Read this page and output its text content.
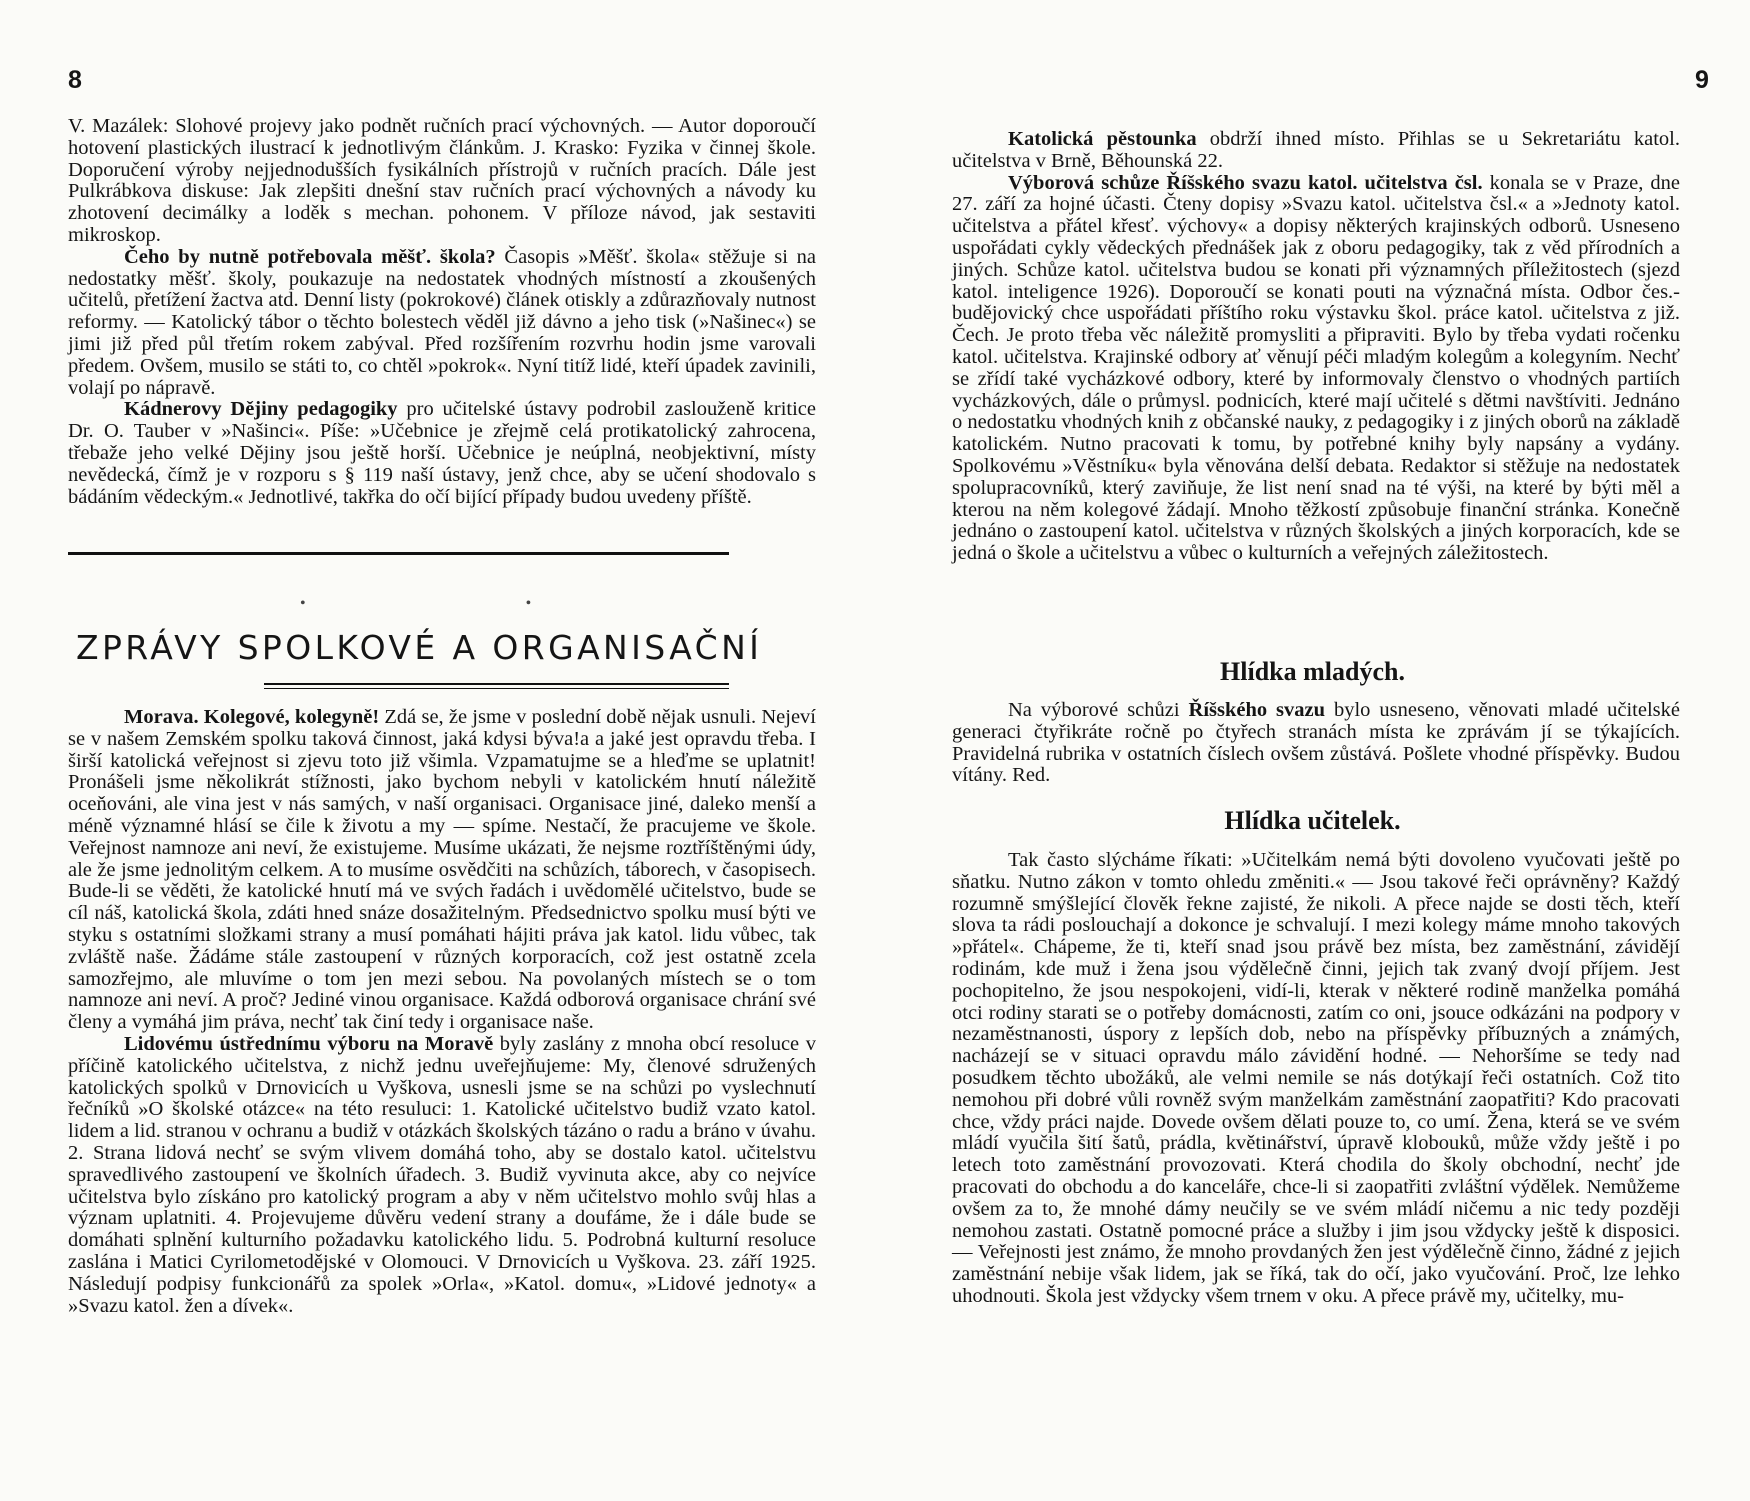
8

V. Mazálek: Slohové projevy jako podnět ručních prací výchovných. — Autor doporoučí hotovení plastických ilustrací k jednotlivým článkům. J. Krasko: Fyzika v činnej škole. Doporučení výroby nejjednodušších fysikálních přístrojů v ručních pracích. Dále jest Pulkrábkova diskuse: Jak zlepšiti dnešní stav ručních prací výchovných a návody ku zhotovení decimálky a loděk s mechan. pohonem. V příloze návod, jak sestaviti mikroskop.

Čeho by nutně potřebovala měšť. škola? Časopis »Měšť. škola« stěžuje si na nedostatky měšť. školy, poukazuje na nedostatek vhodných místností a zkoušených učitelů, přetížení žactva atd. Denní listy (pokrokové) článek otiskly a zdůrazňovaly nutnost reformy. — Katolický tábor o těchto bolestech věděl již dávno a jeho tisk (»Našinec«) se jimi již před půl třetím rokem zabýval. Před rozšířením rozvrhu hodin jsme varovali předem. Ovšem, musilo se státi to, co chtěl »pokrok«. Nyní titíž lidé, kteří úpadek zavinili, volají po nápravě.

Kádnerovy Dějiny pedagogiky pro učitelské ústavy podrobil zaslouženě kritice Dr. O. Tauber v »Našinci«. Píše: »Učebnice je zřejmě celá protikatolický zahrocena, třebaže jeho velké Dějiny jsou ještě horší. Učebnice je neúplná, neobjektivní, místy nevědecká, čímž je v rozporu s § 119 naší ústavy, jenž chce, aby se učení shodovalo s bádáním vědeckým.« Jednotlivé, takřka do očí bijící případy budou uvedeny příště.

•	•
ZPRÁVY SPOLKOVÉ A ORGANISAČNÍ

Morava. Kolegové, kolegyně! Zdá se, že jsme v poslední době nějak usnuli. Nejeví se v našem Zemském spolku taková činnost, jaká kdysi býva!a a jaké jest opravdu třeba. I širší katolická veřejnost si zjevu toto již všimla. Vzpamatujme se a hleďme se uplatnit! Pronášeli jsme několikrát stížnosti, jako bychom nebyli v katolickém hnutí náležitě oceňováni, ale vina jest v nás samých, v naší organisaci. Organisace jiné, daleko menší a méně významné hlásí se čile k životu a my — spíme. Nestačí, že pracujeme ve škole. Veřejnost namnoze ani neví, že existujeme. Musíme ukázati, že nejsme roztříštěnými údy, ale že jsme jednolitým celkem. A to musíme osvědčiti na schůzích, táborech, v časopisech. Bude-li se věděti, že katolické hnutí má ve svých řadách i uvědomělé učitelstvo, bude se cíl náš, katolická škola, zdáti hned snáze dosažitelným. Předsednictvo spolku musí býti ve styku s ostatními složkami strany a musí pomáhati hájiti práva jak katol. lidu vůbec, tak zvláště naše. Žádáme stále zastoupení v různých korporacích, což jest ostatně zcela samozřejmo, ale mluvíme o tom jen mezi sebou. Na povolaných místech se o tom namnoze ani neví. A proč? Jediné vinou organisace. Každá odborová organisace chrání své členy a vymáhá jim práva, nechť tak činí tedy i organisace naše.

Lidovému ústřednímu výboru na Moravě byly zaslány z mnoha obcí resoluce v příčině katolického učitelstva, z nichž jednu uveřejňujeme: My, členové sdružených katolických spolků v Drnovicích u Vyškova, usnesli jsme se na schůzi po vyslechnutí řečníků »O školské otázce« na této resuluci: 1. Katolické učitelstvo budiž vzato katol. lidem a lid. stranou v ochranu a budiž v otázkách školských tázáno o radu a bráno v úvahu. 2. Strana lidová nechť se svým vlivem domáhá toho, aby se dostalo katol. učitelstvu spravedlivého zastoupení ve školních úřadech. 3. Budiž vyvinuta akce, aby co nejvíce učitelstva bylo získáno pro katolický program a aby v něm učitelstvo mohlo svůj hlas a význam uplatniti. 4. Projevujeme důvěru vedení strany a doufáme, že i dále bude se domáhati splnění kulturního požadavku katolického lidu. 5. Podrobná kulturní resoluce zaslána i Matici Cyrilometodějské v Olomouci. V Drnovicích u Vyškova. 23. září 1925. Následují podpisy funkcionářů za spolek »Orla«, »Katol. domu«, »Lidové jednoty« a »Svazu katol. žen a dívek«.

9

Katolická pěstounka obdrží ihned místo. Přihlas se u Sekretariátu katol. učitelstva v Brně, Běhounská 22.

Výborová schůze Říšského svazu katol. učitelstva čsl. konala se v Praze, dne 27. září za hojné účasti. Čteny dopisy »Svazu katol. učitelstva čsl.« a »Jednoty katol. učitelstva a přátel křesť. výchovy« a dopisy některých krajinských odborů. Usneseno uspořádati cykly vědeckých přednášek jak z oboru pedagogiky, tak z věd přírodních a jiných. Schůze katol. učitelstva budou se konati při významných příležitostech (sjezd katol. inteligence 1926). Doporoučí se konati pouti na význačná místa. Odbor čes.-budějovický chce uspořádati příštího roku výstavku škol. práce katol. učitelstva z již. Čech. Je proto třeba věc náležitě promysliti a připraviti. Bylo by třeba vydati ročenku katol. učitelstva. Krajinské odbory ať věnují péči mladým kolegům a kolegyním. Nechť se zřídí také vycházkové odbory, které by informovaly členstvo o vhodných partiích vycházkových, dále o průmysl. podnicích, které mají učitelé s dětmi navštíviti. Jednáno o nedostatku vhodných knih z občanské nauky, z pedagogiky i z jiných oborů na základě katolickém. Nutno pracovati k tomu, by potřebné knihy byly napsány a vydány. Spolkovému »Věstníku« byla věnována delší debata. Redaktor si stěžuje na nedostatek spolupracovníků, který zaviňuje, že list není snad na té výši, na které by býti měl a kterou na něm kolegové žádají. Mnoho těžkostí způsobuje finanční stránka. Konečně jednáno o zastoupení katol. učitelstva v různých školských a jiných korporacích, kde se jedná o škole a učitelstvu a vůbec o kulturních a veřejných záležitostech.

Hlídka mladých.

Na výborové schůzi Říšského svazu bylo usneseno, věnovati mladé učitelské generaci čtyřikráte ročně po čtyřech stranách místa ke zprávám jí se týkajících. Pravidelná rubrika v ostatních číslech ovšem zůstává. Pošlete vhodné příspěvky. Budou vítány. Red.

Hlídka učitelek.

Tak často slýcháme říkati: »Učitelkám nemá býti dovoleno vyučovati ještě po sňatku. Nutno zákon v tomto ohledu změniti.« — Jsou takové řeči oprávněny? Každý rozumně smýšlející člověk řekne zajisté, že nikoli. A přece najde se dosti těch, kteří slova ta rádi poslouchají a dokonce je schvalují. I mezi kolegy máme mnoho takových »přátel«. Chápeme, že ti, kteří snad jsou právě bez místa, bez zaměstnání, závidějí rodinám, kde muž i žena jsou výdělečně činni, jejich tak zvaný dvojí příjem. Jest pochopitelno, že jsou nespokojeni, vidí-li, kterak v některé rodině manželka pomáhá otci rodiny starati se o potřeby domácnosti, zatím co oni, jsouce odkázáni na podpory v nezaměstnanosti, úspory z lepších dob, nebo na příspěvky příbuzných a známých, nacházejí se v situaci opravdu málo závidění hodné. — Nehoršíme se tedy nad posudkem těchto ubožáků, ale velmi nemile se nás dotýkají řeči ostatních. Což tito nemohou při dobré vůli rovněž svým manželkám zaměstnání zaopatřiti? Kdo pracovati chce, vždy práci najde. Dovede ovšem dělati pouze to, co umí. Žena, která se ve svém mládí vyučila šití šatů, prádla, květinářství, úpravě klobouků, může vždy ještě i po letech toto zaměstnání provozovati. Která chodila do školy obchodní, nechť jde pracovati do obchodu a do kanceláře, chce-li si zaopatřiti zvláštní výdělek. Nemůžeme ovšem za to, že mnohé dámy neučily se ve svém mládí ničemu a nic tedy později nemohou zastati. Ostatně pomocné práce a služby i jim jsou vždycky ještě k disposici. — Veřejnosti jest známo, že mnoho provdaných žen jest výdělečně činno, žádné z jejich zaměstnání nebije však lidem, jak se říká, tak do očí, jako vyučování. Proč, lze lehko uhodnouti. Škola jest vždycky všem trnem v oku. A přece právě my, učitelky, mu-
